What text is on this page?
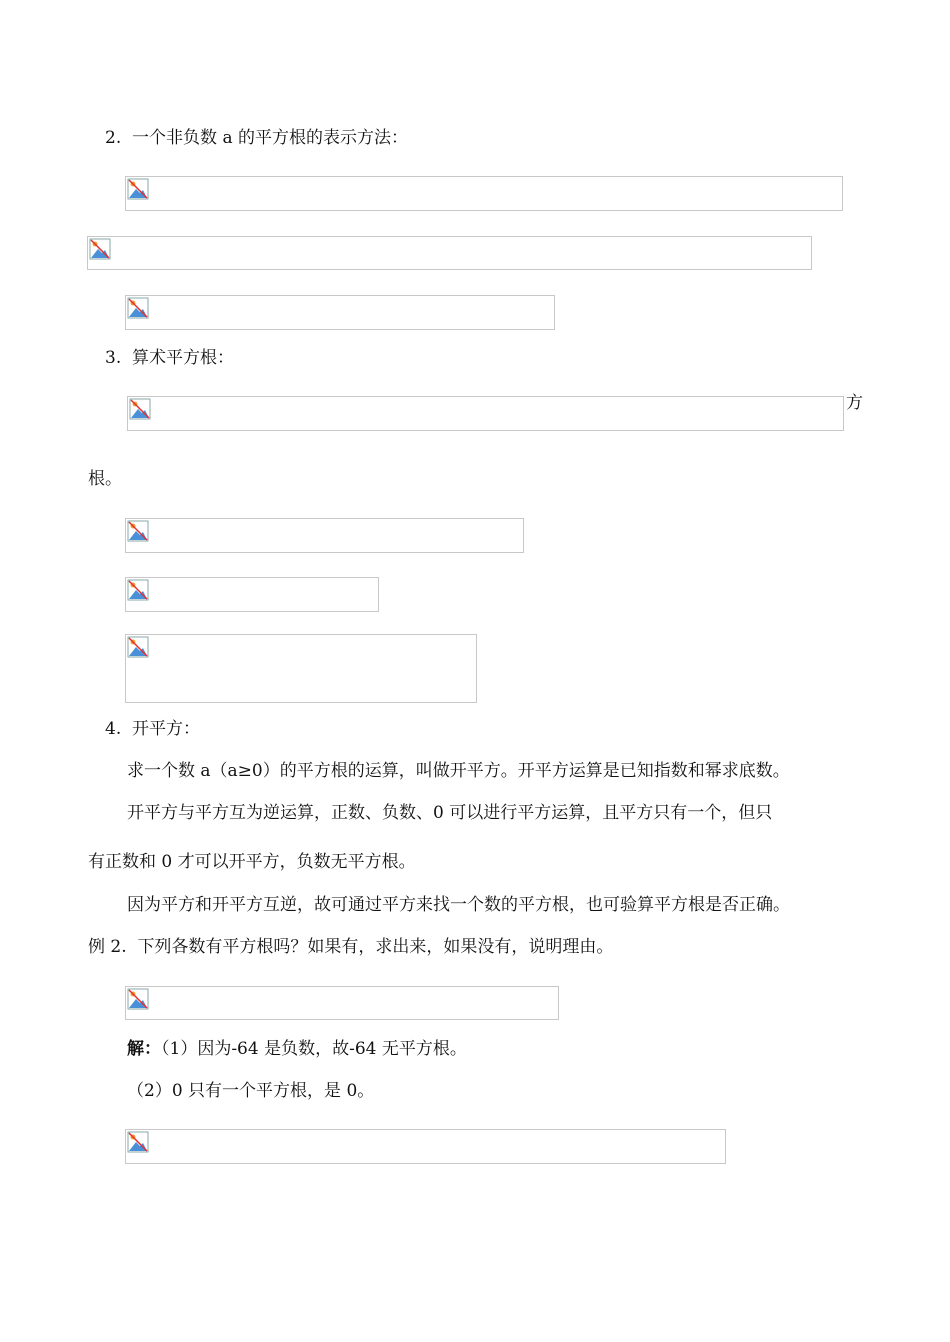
2. 一个非负数 a 的平方根的表示方法：
3. 算术平方根：
方
根。
4. 开平方：
求一个数 a（a≥0）的平方根的运算，叫做开平方。开平方运算是已知指数和幂求底数。
开平方与平方互为逆运算，正数、负数、0 可以进行平方运算，且平方只有一个，但只
有正数和 0 才可以开平方，负数无平方根。
因为平方和开平方互逆，故可通过平方来找一个数的平方根，也可验算平方根是否正确。
例 2. 下列各数有平方根吗？如果有，求出来，如果没有，说明理由。
解：（1）因为-64 是负数，故-64 无平方根。
（2）0 只有一个平方根，是 0。
